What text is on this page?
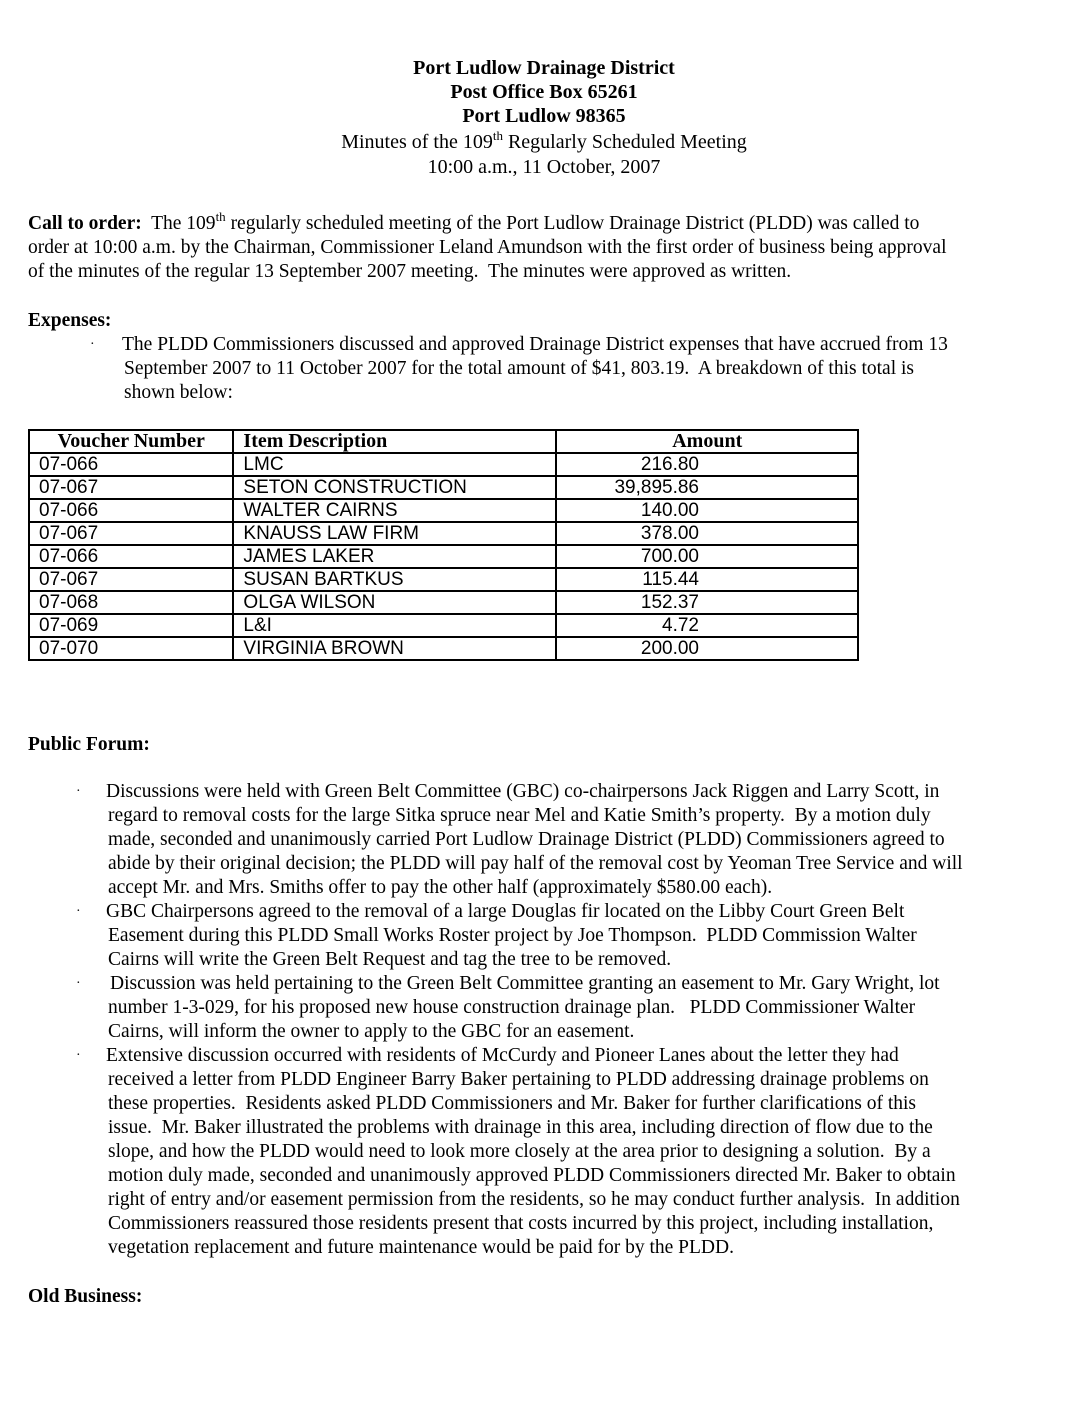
Port Ludlow Drainage District
Post Office Box 65261
Port Ludlow 98365
Minutes of the 109th Regularly Scheduled Meeting
10:00 a.m., 11 October, 2007
Call to order:  The 109th regularly scheduled meeting of the Port Ludlow Drainage District (PLDD) was called to
order at 10:00 a.m. by the Chairman, Commissioner Leland Amundson with the first order of business being approval
of the minutes of the regular 13 September 2007 meeting.  The minutes were approved as written.
Expenses:
· The PLDD Commissioners discussed and approved Drainage District expenses that have accrued from 13
September 2007 to 11 October 2007 for the total amount of $41, 803.19.  A breakdown of this total is
shown below:
Voucher Number	Item Description	Amount
07-066	LMC	216.80
07-067	SETON CONSTRUCTION	39,895.86
07-066	WALTER CAIRNS	140.00
07-067	KNAUSS LAW FIRM	378.00
07-066	JAMES LAKER	700.00
07-067	SUSAN BARTKUS	115.44
07-068	OLGA WILSON	152.37
07-069	L&I	4.72
07-070	VIRGINIA BROWN	200.00
Public Forum:
· Discussions were held with Green Belt Committee (GBC) co-chairpersons Jack Riggen and Larry Scott, in
regard to removal costs for the large Sitka spruce near Mel and Katie Smith’s property.  By a motion duly
made, seconded and unanimously carried Port Ludlow Drainage District (PLDD) Commissioners agreed to
abide by their original decision; the PLDD will pay half of the removal cost by Yeoman Tree Service and will
accept Mr. and Mrs. Smiths offer to pay the other half (approximately $580.00 each).
· GBC Chairpersons agreed to the removal of a large Douglas fir located on the Libby Court Green Belt
Easement during this PLDD Small Works Roster project by Joe Thompson.  PLDD Commission Walter
Cairns will write the Green Belt Request and tag the tree to be removed.
· Discussion was held pertaining to the Green Belt Committee granting an easement to Mr. Gary Wright, lot
number 1-3-029, for his proposed new house construction drainage plan.   PLDD Commissioner Walter
Cairns, will inform the owner to apply to the GBC for an easement.
· Extensive discussion occurred with residents of McCurdy and Pioneer Lanes about the letter they had
received a letter from PLDD Engineer Barry Baker pertaining to PLDD addressing drainage problems on
these properties.  Residents asked PLDD Commissioners and Mr. Baker for further clarifications of this
issue.  Mr. Baker illustrated the problems with drainage in this area, including direction of flow due to the
slope, and how the PLDD would need to look more closely at the area prior to designing a solution.  By a
motion duly made, seconded and unanimously approved PLDD Commissioners directed Mr. Baker to obtain
right of entry and/or easement permission from the residents, so he may conduct further analysis.  In addition
Commissioners reassured those residents present that costs incurred by this project, including installation,
vegetation replacement and future maintenance would be paid for by the PLDD.
Old Business:
